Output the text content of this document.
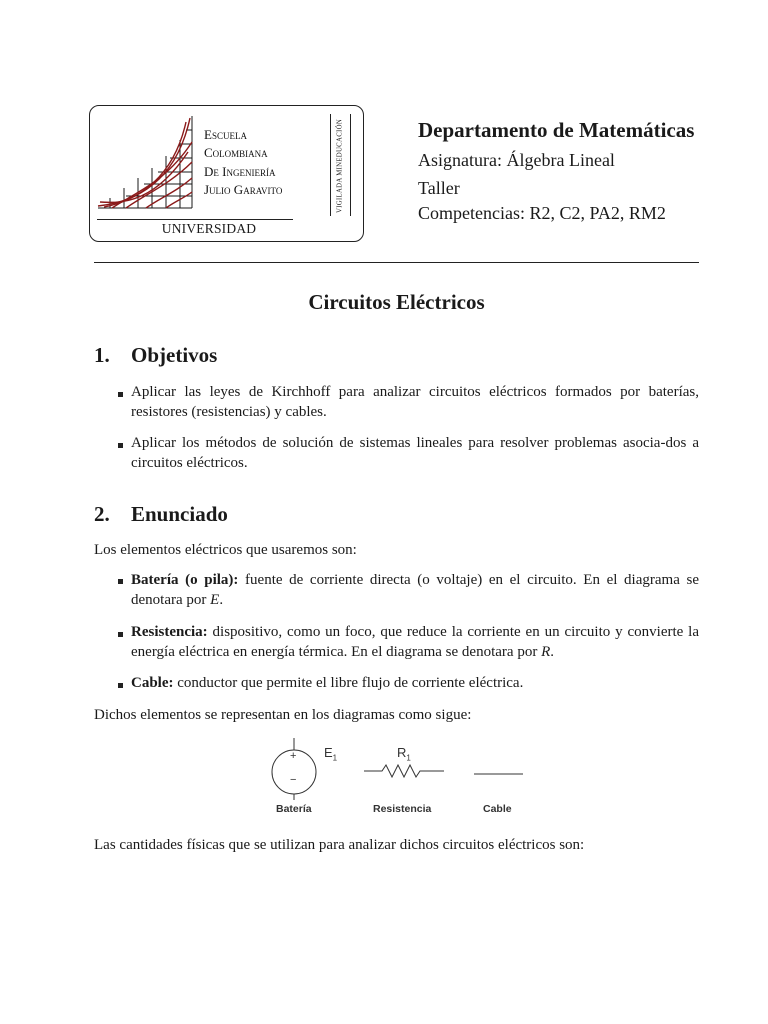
Escuela
Colombiana
De Ingeniería
Julio Garavito
UNIVERSIDAD
VIGILADA MINEDUCACIÓN	Departamento de Matemáticas
Asignatura: Álgebra Lineal
Taller
Competencias: R2, C2, PA2, RM2
Circuitos Eléctricos
1. Objetivos
Aplicar las leyes de Kirchhoff para analizar circuitos eléctricos formados por baterías, resistores (resistencias) y cables.
Aplicar los métodos de solución de sistemas lineales para resolver problemas asocia-dos a circuitos eléctricos.
2. Enunciado
Los elementos eléctricos que usaremos son:
Batería (o pila): fuente de corriente directa (o voltaje) en el circuito. En el diagrama se denotara por E.
Resistencia: dispositivo, como un foco, que reduce la corriente en un circuito y convierte la energía eléctrica en energía térmica. En el diagrama se denotara por R.
Cable: conductor que permite el libre flujo de corriente eléctrica.
Dichos elementos se representan en los diagramas como sigue:
+
−
$E_1$	$R_1$
Batería	Resistencia	Cable
Las cantidades físicas que se utilizan para analizar dichos circuitos eléctricos son:
